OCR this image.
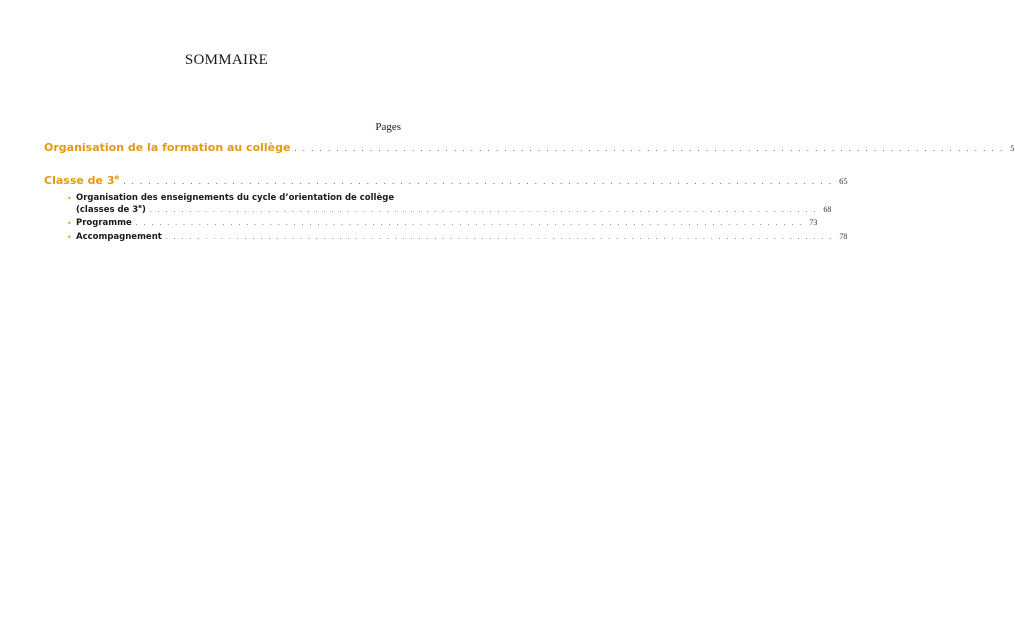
SOMMAIRE
Pages
Organisation de la formation au collège . . . . . . . . . . . . . . . . . . . . . . . . . . . . . . . . . . . . . . . . . . . . . . . . . . . . . . . . . . . . . . . . . . . . . . . . . . . . . . . . . . . . . 5
Classe de 3e
. . . . . . . . . . . . . . . . . . . . . . . . . . . . . . . . . . . . . . . . . . . . . . . . . . . . . . . . . . . . . . . . . . . . . . . . . . . . . . . . . . . . . 65
• Organisation des enseignements du cycle d’orientation de collège
(classes de 3e) . . . . . . . . . . . . . . . . . . . . . . . . . . . . . . . . . . . . . . . . . . . . . . . . . . . . . . . . . . . . . . . . . . . . . . . . . . . . . . . . . . . . . 68
• Programme . . . . . . . . . . . . . . . . . . . . . . . . . . . . . . . . . . . . . . . . . . . . . . . . . . . . . . . . . . . . . . . . . . . . . . . . . . . . . . . . . . . . . 73
• Accompagnement . . . . . . . . . . . . . . . . . . . . . . . . . . . . . . . . . . . . . . . . . . . . . . . . . . . . . . . . . . . . . . . . . . . . . . . . . . . . . . . . . . . . . 78
